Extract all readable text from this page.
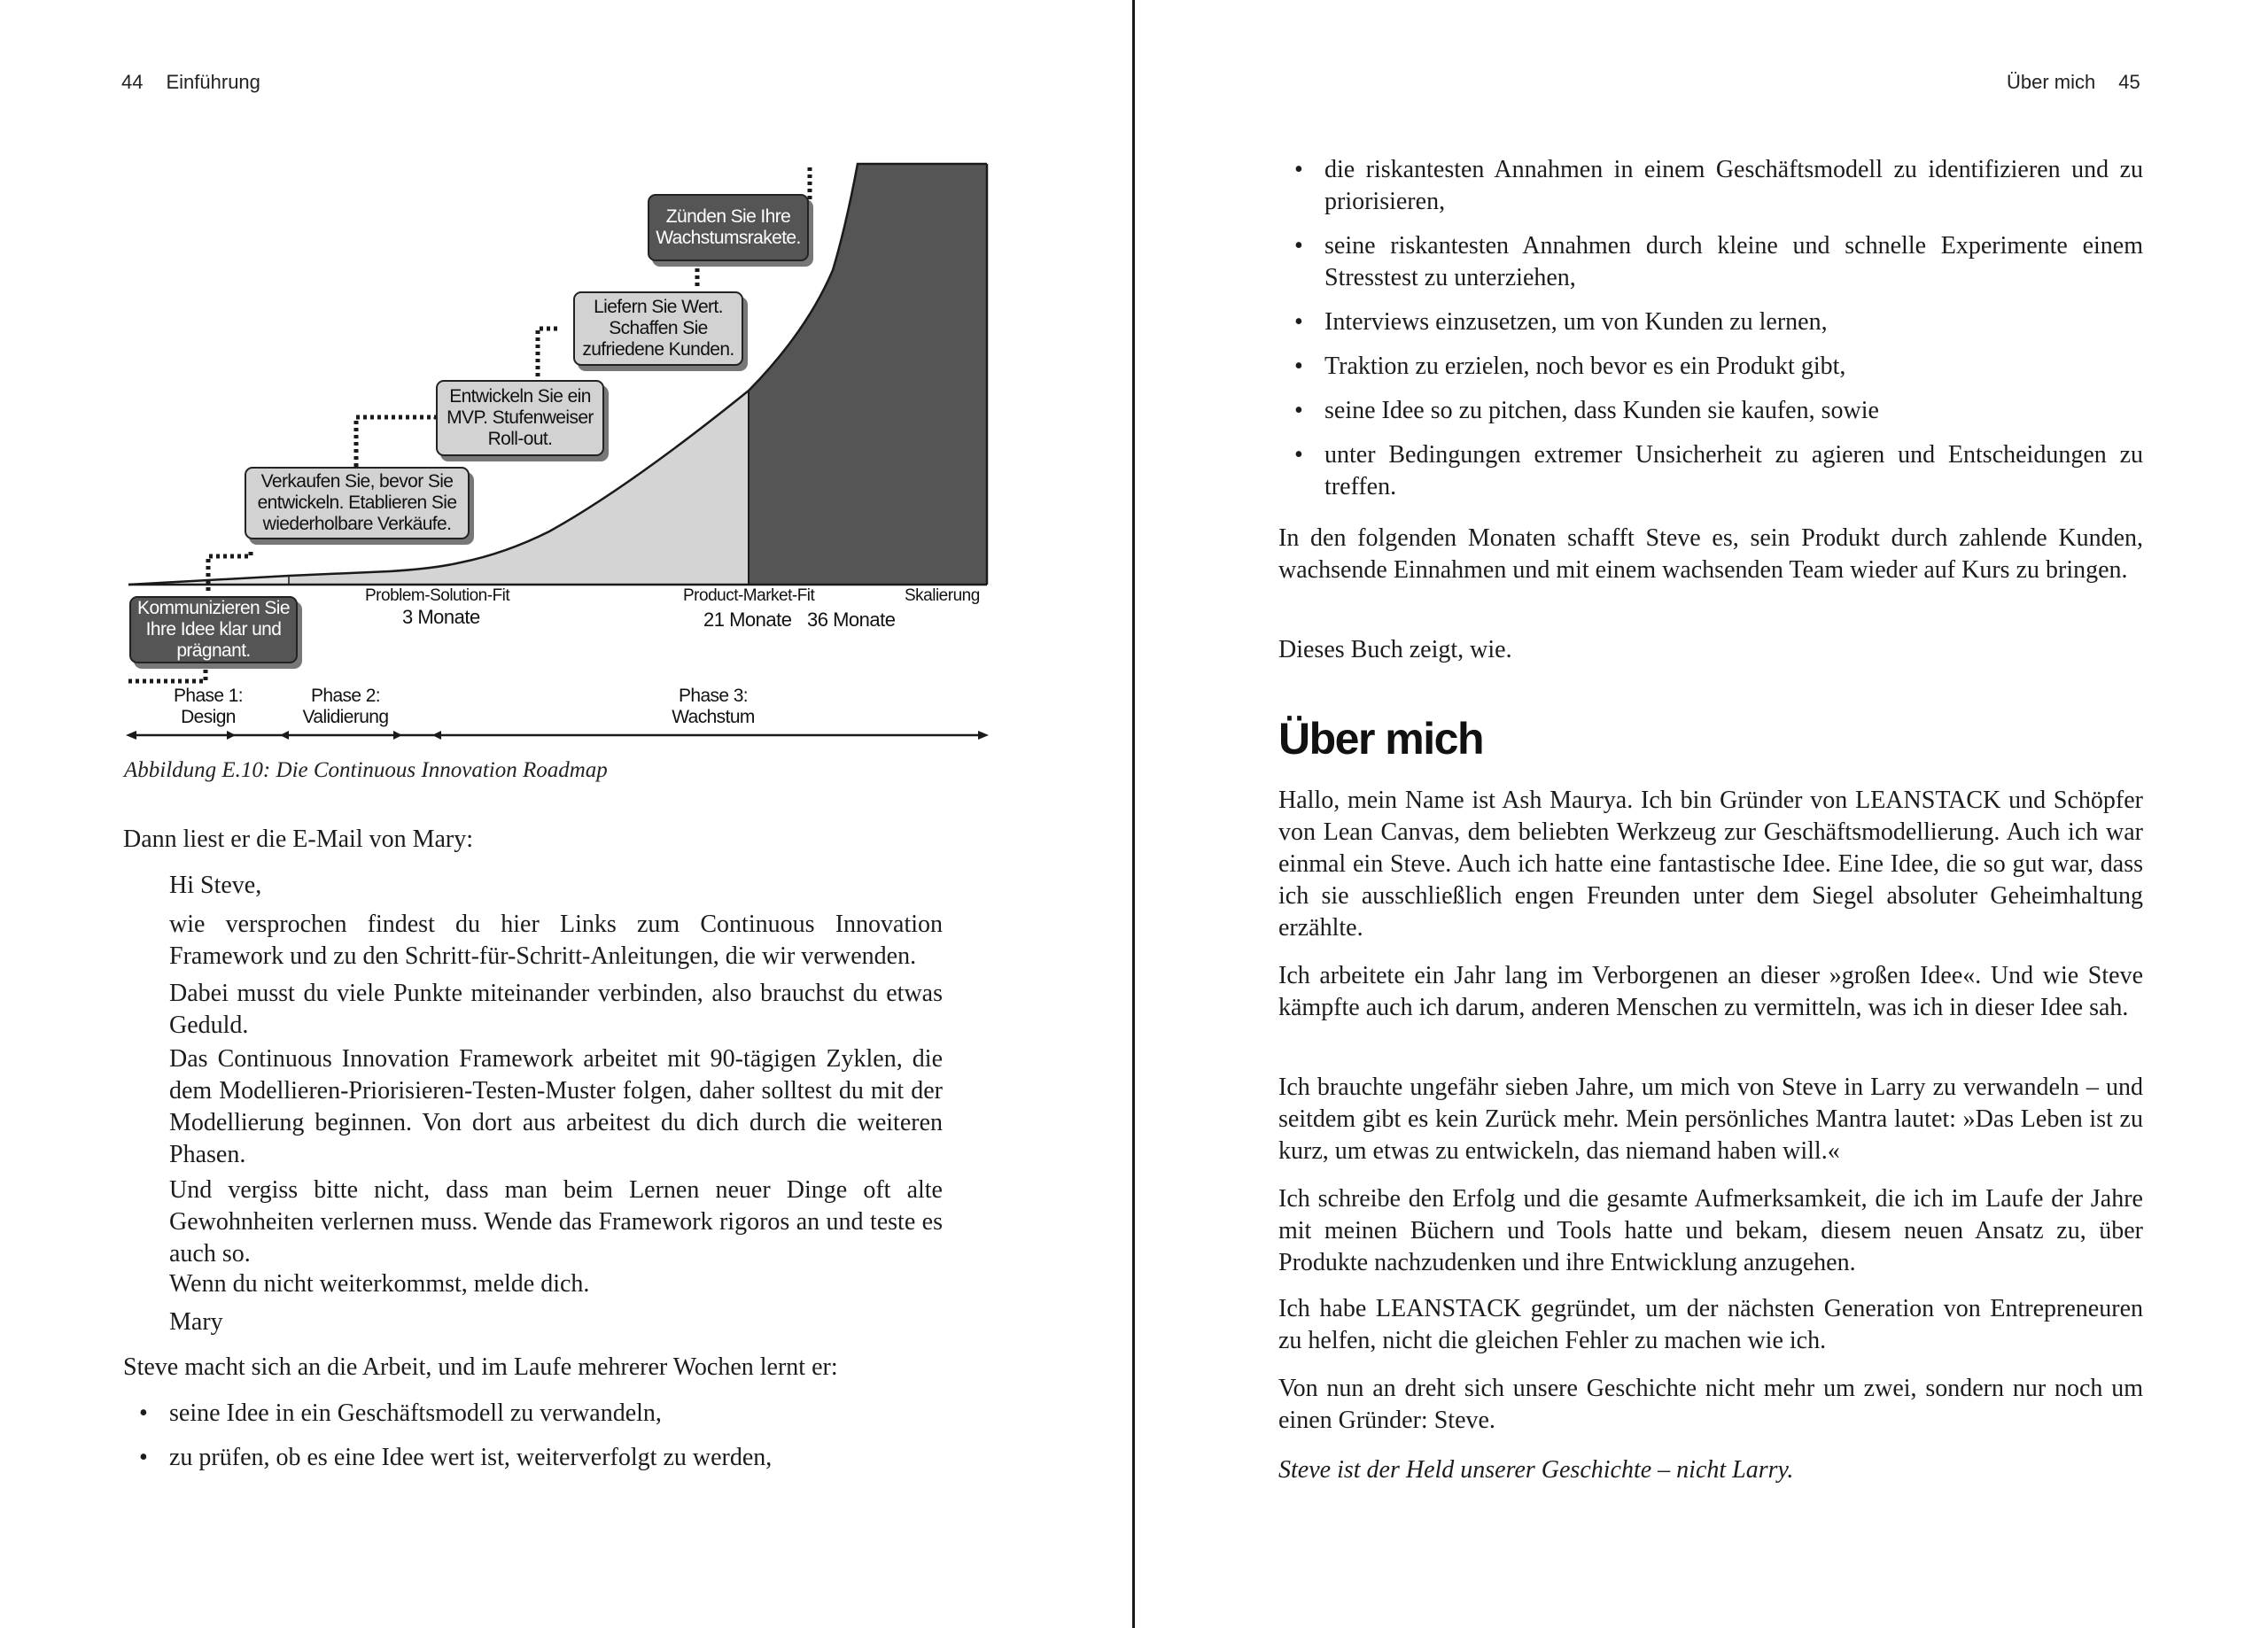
44 Einführung
Kommunizieren Sie Ihre Idee klar und prägnant.
Verkaufen Sie, bevor Sie entwickeln. Etablieren Sie wiederholbare Verkäufe.
Entwickeln Sie ein MVP. Stufenweiser Roll-out.
Liefern Sie Wert. Schaffen Sie zufriedene Kunden.
Zünden Sie Ihre Wachstumsrakete.
Problem-Solution-Fit
3 Monate
Product-Market-Fit
21 Monate 36 Monate
Skalierung
Phase 1:
Design
Phase 2:
Validierung
Phase 3:
Wachstum
Abbildung E.10: Die Continuous Innovation Roadmap

Dann liest er die E-Mail von Mary:

Hi Steve,

wie versprochen findest du hier Links zum Continuous Innovation Framework und zu den Schritt-für-Schritt-Anleitungen, die wir verwenden.

Dabei musst du viele Punkte miteinander verbinden, also brauchst du etwas Geduld.

Das Continuous Innovation Framework arbeitet mit 90-tägigen Zyklen, die dem Modellieren-Priorisieren-Testen-Muster folgen, daher solltest du mit der Modellierung beginnen. Von dort aus arbeitest du dich durch die weiteren Phasen.

Und vergiss bitte nicht, dass man beim Lernen neuer Dinge oft alte Gewohnheiten verlernen muss. Wende das Framework rigoros an und teste es auch so.

Wenn du nicht weiterkommst, melde dich.

Mary

Steve macht sich an die Arbeit, und im Laufe mehrerer Wochen lernt er:

• seine Idee in ein Geschäftsmodell zu verwandeln,
• zu prüfen, ob es eine Idee wert ist, weiterverfolgt zu werden,
Über mich 45
• die riskantesten Annahmen in einem Geschäftsmodell zu identifizieren und zu priorisieren,
• seine riskantesten Annahmen durch kleine und schnelle Experimente einem Stresstest zu unterziehen,
• Interviews einzusetzen, um von Kunden zu lernen,
• Traktion zu erzielen, noch bevor es ein Produkt gibt,
• seine Idee so zu pitchen, dass Kunden sie kaufen, sowie
• unter Bedingungen extremer Unsicherheit zu agieren und Entscheidungen zu treffen.

In den folgenden Monaten schafft Steve es, sein Produkt durch zahlende Kunden, wachsende Einnahmen und mit einem wachsenden Team wieder auf Kurs zu bringen.

Dieses Buch zeigt, wie.

Über mich

Hallo, mein Name ist Ash Maurya. Ich bin Gründer von LEANSTACK und Schöpfer von Lean Canvas, dem beliebten Werkzeug zur Geschäftsmodellierung. Auch ich war einmal ein Steve. Auch ich hatte eine fantastische Idee. Eine Idee, die so gut war, dass ich sie ausschließlich engen Freunden unter dem Siegel absoluter Geheimhaltung erzählte.

Ich arbeitete ein Jahr lang im Verborgenen an dieser »großen Idee«. Und wie Steve kämpfte auch ich darum, anderen Menschen zu vermitteln, was ich in dieser Idee sah.

Ich brauchte ungefähr sieben Jahre, um mich von Steve in Larry zu verwandeln – und seitdem gibt es kein Zurück mehr. Mein persönliches Mantra lautet: »Das Leben ist zu kurz, um etwas zu entwickeln, das niemand haben will.«

Ich schreibe den Erfolg und die gesamte Aufmerksamkeit, die ich im Laufe der Jahre mit meinen Büchern und Tools hatte und bekam, diesem neuen Ansatz zu, über Produkte nachzudenken und ihre Entwicklung anzugehen.

Ich habe LEANSTACK gegründet, um der nächsten Generation von Entrepreneuren zu helfen, nicht die gleichen Fehler zu machen wie ich.

Von nun an dreht sich unsere Geschichte nicht mehr um zwei, sondern nur noch um einen Gründer: Steve.

Steve ist der Held unserer Geschichte – nicht Larry.
